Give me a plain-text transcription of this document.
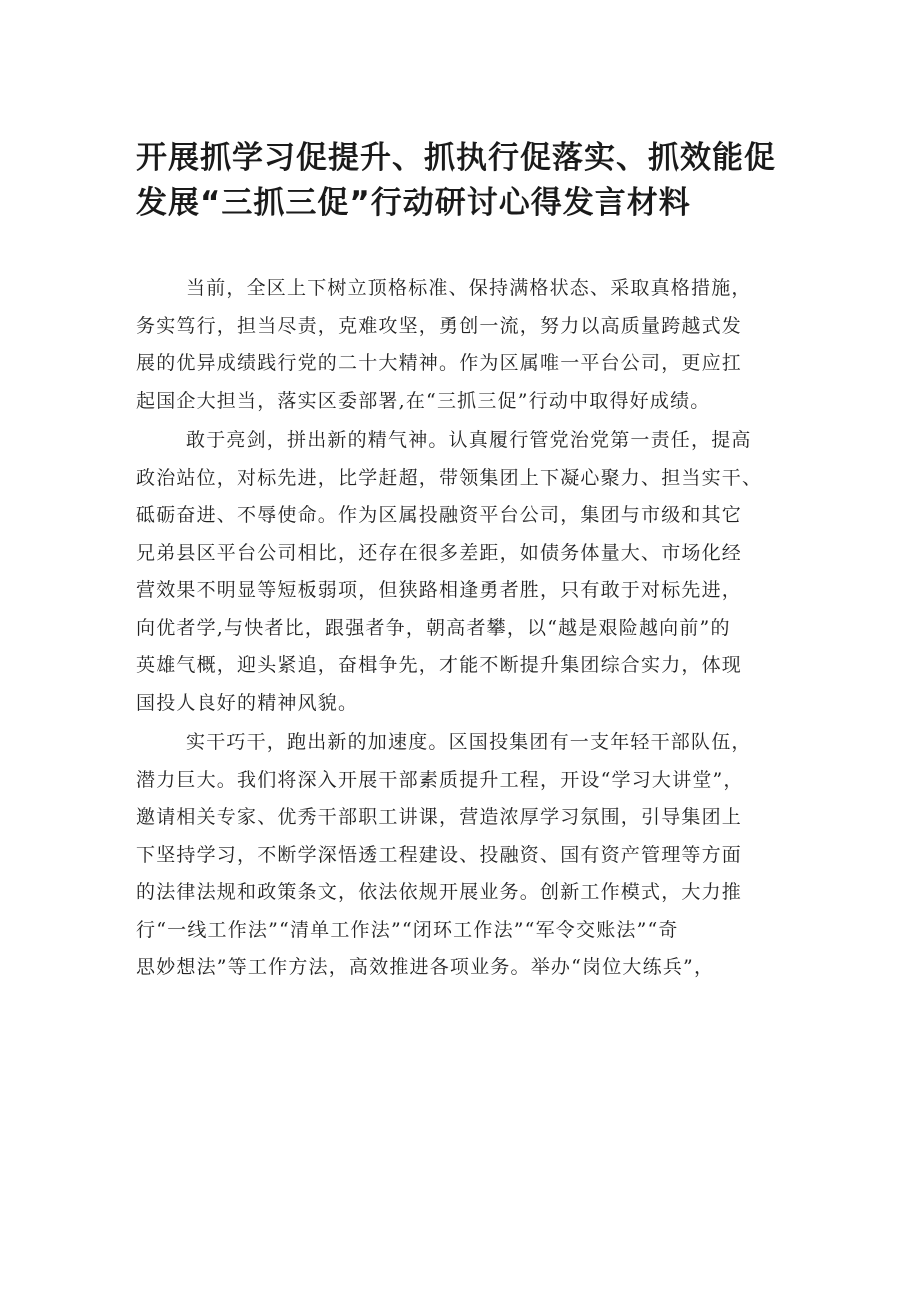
开展抓学习促提升、抓执行促落实、抓效能促
发展“三抓三促”行动研讨心得发言材料
当前，全区上下树立顶格标准、保持满格状态、采取真格措施，
务实笃行，担当尽责，克难攻坚，勇创一流，努力以高质量跨越式发
展的优异成绩践行党的二十大精神。作为区属唯一平台公司，更应扛
起国企大担当，落实区委部署,在“三抓三促”行动中取得好成绩。
敢于亮剑，拼出新的精气神。认真履行管党治党第一责任，提高
政治站位，对标先进，比学赶超，带领集团上下凝心聚力、担当实干、
砥砺奋进、不辱使命。作为区属投融资平台公司，集团与市级和其它
兄弟县区平台公司相比，还存在很多差距，如债务体量大、市场化经
营效果不明显等短板弱项，但狭路相逢勇者胜，只有敢于对标先进，
向优者学,与快者比，跟强者争，朝高者攀，以“越是艰险越向前”的
英雄气概，迎头紧追，奋楫争先，才能不断提升集团综合实力，体现
国投人良好的精神风貌。
实干巧干，跑出新的加速度。区国投集团有一支年轻干部队伍，
潜力巨大。我们将深入开展干部素质提升工程，开设“学习大讲堂”，
邀请相关专家、优秀干部职工讲课，营造浓厚学习氛围，引导集团上
下坚持学习，不断学深悟透工程建设、投融资、国有资产管理等方面
的法律法规和政策条文，依法依规开展业务。创新工作模式，大力推
行“一线工作法”“清单工作法”“闭环工作法”“军令交账法”“奇
思妙想法”等工作方法，高效推进各项业务。举办“岗位大练兵”，
